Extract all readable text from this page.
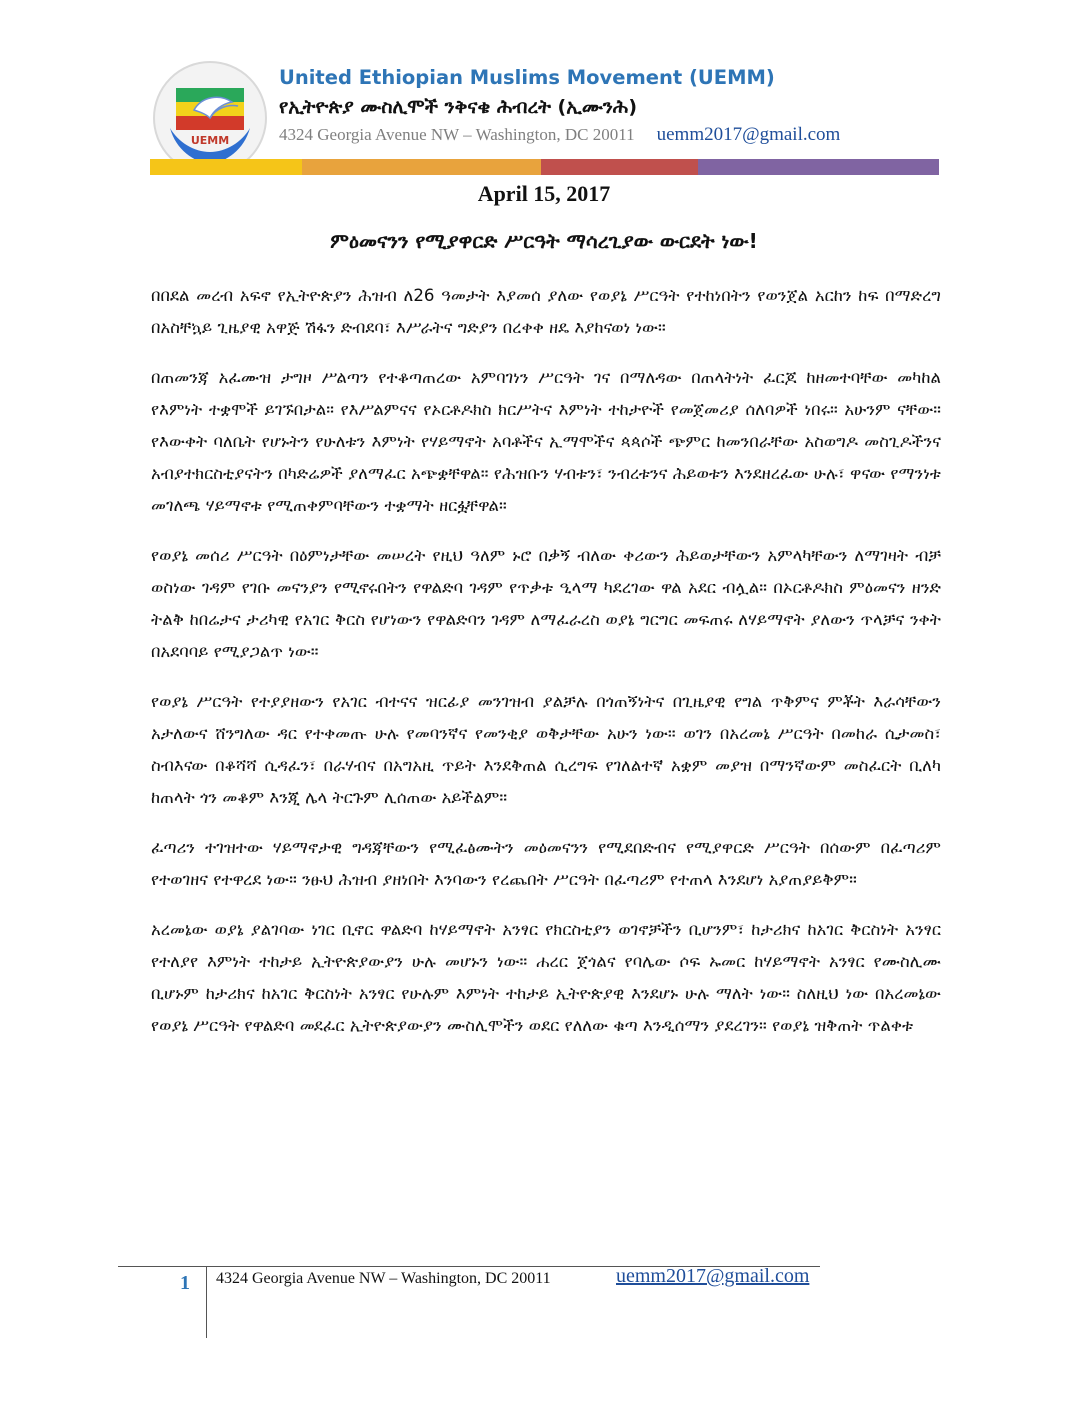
UEMM
United Ethiopian Muslims Movement (UEMM)
የኢትዮጵያ ሙስሊሞች ንቅናቄ ሕብረት (ኢሙንሕ)
4324 Georgia Avenue NW – Washington, DC 20011 uemm2017@gmail.com
April 15, 2017
ምዕመናንን የሚያዋርድ ሥርዓት ማሳረጊያው ውርደት ነው!

በበደል መረብ አፍኖ የኢትዮጵያን ሕዝብ ለ26 ዓመታት እያመሰ ያለው የወያኔ ሥርዓት የተከነበትን የወንጀል አርከን ከፍ በማድረግ በአስቸኳይ ጊዜያዊ አዋጅ ሽፋን ድብደባ፣ እሥራትና ግድያን በረቀቀ ዘዴ እያከናወነ ነው።

በጠመንጃ አፈሙዝ ታግዞ ሥልጣን የተቆጣጠረው አምባገነን ሥርዓት ገና በማለዳው በጠላትነት ፈርጆ ከዘመተባቸው መካከል የእምነት ተቋሞች ይገኙበታል። የእሥልምናና የኦርቶዶክስ ክርሥትና እምነት ተከታዮች የመጀመሪያ ሰለባዎች ነበሩ። አሁንም ናቸው። የእውቀት ባለቤት የሆኑትን የሁለቱን እምነት የሃይማኖት አባቶችና ኢማሞችና ጳጳሶች ጭምር ከመንበራቸው አስወግዶ መስጊዶችንና አብያተክርስቲያናትን በካድሬዎች ያለማፈር አጭቋቸዋል። የሕዝቡን ሃብቱን፣ ንብረቱንና ሕይወቱን እንደዘረፈው ሁሉ፣ ዋናው የማንነቱ መገለጫ ሃይማኖቱ የሚጠቀምባቸውን ተቋማት ዘርፏቸዋል።

የወያኔ መሰሪ ሥርዓት በዕምነታቸው መሠረት የዚህ ዓለም ኑሮ በቃኝ ብለው ቀሪውን ሕይወታቸውን አምላካቸውን ለማገዛት ብቻ ወስነው ገዳም የገቡ መናንያን የሚኖሩበትን የዋልድባ ገዳም የጥቃቱ ዒላማ ካደረገው ዋል አደር ብሏል። በኦርቶዶክስ ምዕመናን ዘንድ ትልቅ ከበሬታና ታሪካዊ የአገር ቅርስ የሆነውን የዋልድባን ገዳም ለማፈራረስ ወያኔ ግርግር መፍጠሩ ለሃይማኖት ያለውን ጥላቻና ንቀት በአደባባይ የሚያጋልጥ ነው።

የወያኔ ሥርዓት የተያያዘውን የአገር ብተናና ዝርፊያ መንገዝብ ያልቻሉ በጎጠኝነትና በጊዜያዊ የግል ጥቅምና ምቾት እራሳቸውን አታለውና ሸንግለው ዳር የተቀመጡ ሁሉ የመባንኛና የመንቂያ ወቅታቸው አሁን ነው። ወገን በአረመኔ ሥርዓት በመከራ ሲታመስ፣ ስብእናው በቆሻሻ ሲዳፈን፣ በራሃብና በአግአዚ ጥይት እንደቅጠል ሲረግፍ የገለልተኛ አቋም መያዝ በማንኛውም መስፈርት ቢለካ ከጠላት ጎን መቆም እንጂ ሌላ ትርጉም ሊሰጠው አይችልም።

ፈጣሪን ተገዝተው ሃይማኖታዊ ግዳጃቸውን የሚፈፅሙትን መዕመናንን የሚደበድብና የሚያዋርድ ሥርዓት በሰውም በፈጣሪም የተወገዘና የተዋረደ ነው። ንፁህ ሕዝብ ያዘነበት እንባውን የረጨበት ሥርዓት በፈጣሪም የተጠላ እንደሆነ አያጠያይቅም።

አረመኔው ወያኔ ያልገባው ነገር ቢኖር ዋልድባ ከሃይማኖት አንፃር የክርስቲያን ወገኖቻችን ቢሆንም፣ ከታሪክና ከአገር ቅርስነት አንፃር የተለያየ እምነት ተከታይ ኢትዮጵያውያን ሁሉ መሆኑን ነው። ሐረር ጀጎልና የባሌው ሶፍ ኡመር ከሃይማኖት አንፃር የሙስሊሙ ቢሆኑም ከታሪክና ከአገር ቅርስነት አንፃር የሁሉም እምነት ተከታይ ኢትዮጵያዊ እንደሆኑ ሁሉ ማለት ነው። ስለዚህ ነው በአረመኔው የወያኔ ሥርዓት የዋልድባ መደፈር ኢትዮጵያውያን ሙስሊሞችን ወደር የለለው ቁጣ እንዲሰማን ያደረገን። የወያኔ ዝቅጠት ጥልቀቱ

1 4324 Georgia Avenue NW – Washington, DC 20011	uemm2017@gmail.com
